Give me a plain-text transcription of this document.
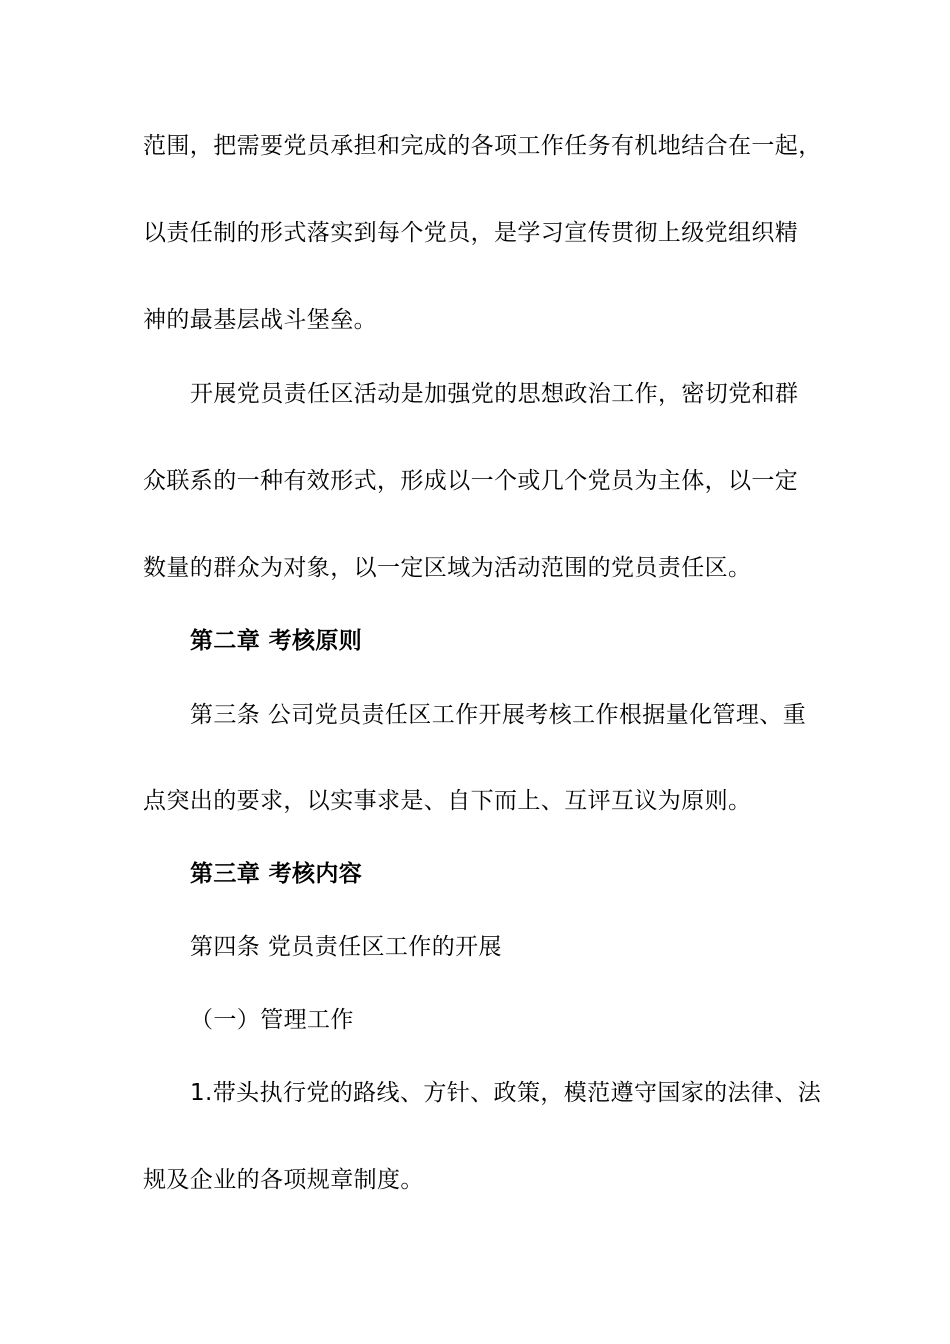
范围，把需要党员承担和完成的各项工作任务有机地结合在一起，
以责任制的形式落实到每个党员，是学习宣传贯彻上级党组织精
神的最基层战斗堡垒。
开展党员责任区活动是加强党的思想政治工作，密切党和群
众联系的一种有效形式，形成以一个或几个党员为主体，以一定
数量的群众为对象，以一定区域为活动范围的党员责任区。
第二章 考核原则
第三条 公司党员责任区工作开展考核工作根据量化管理、重
点突出的要求，以实事求是、自下而上、互评互议为原则。
第三章 考核内容
第四条 党员责任区工作的开展
（一）管理工作
1.带头执行党的路线、方针、政策，模范遵守国家的法律、法
规及企业的各项规章制度。
